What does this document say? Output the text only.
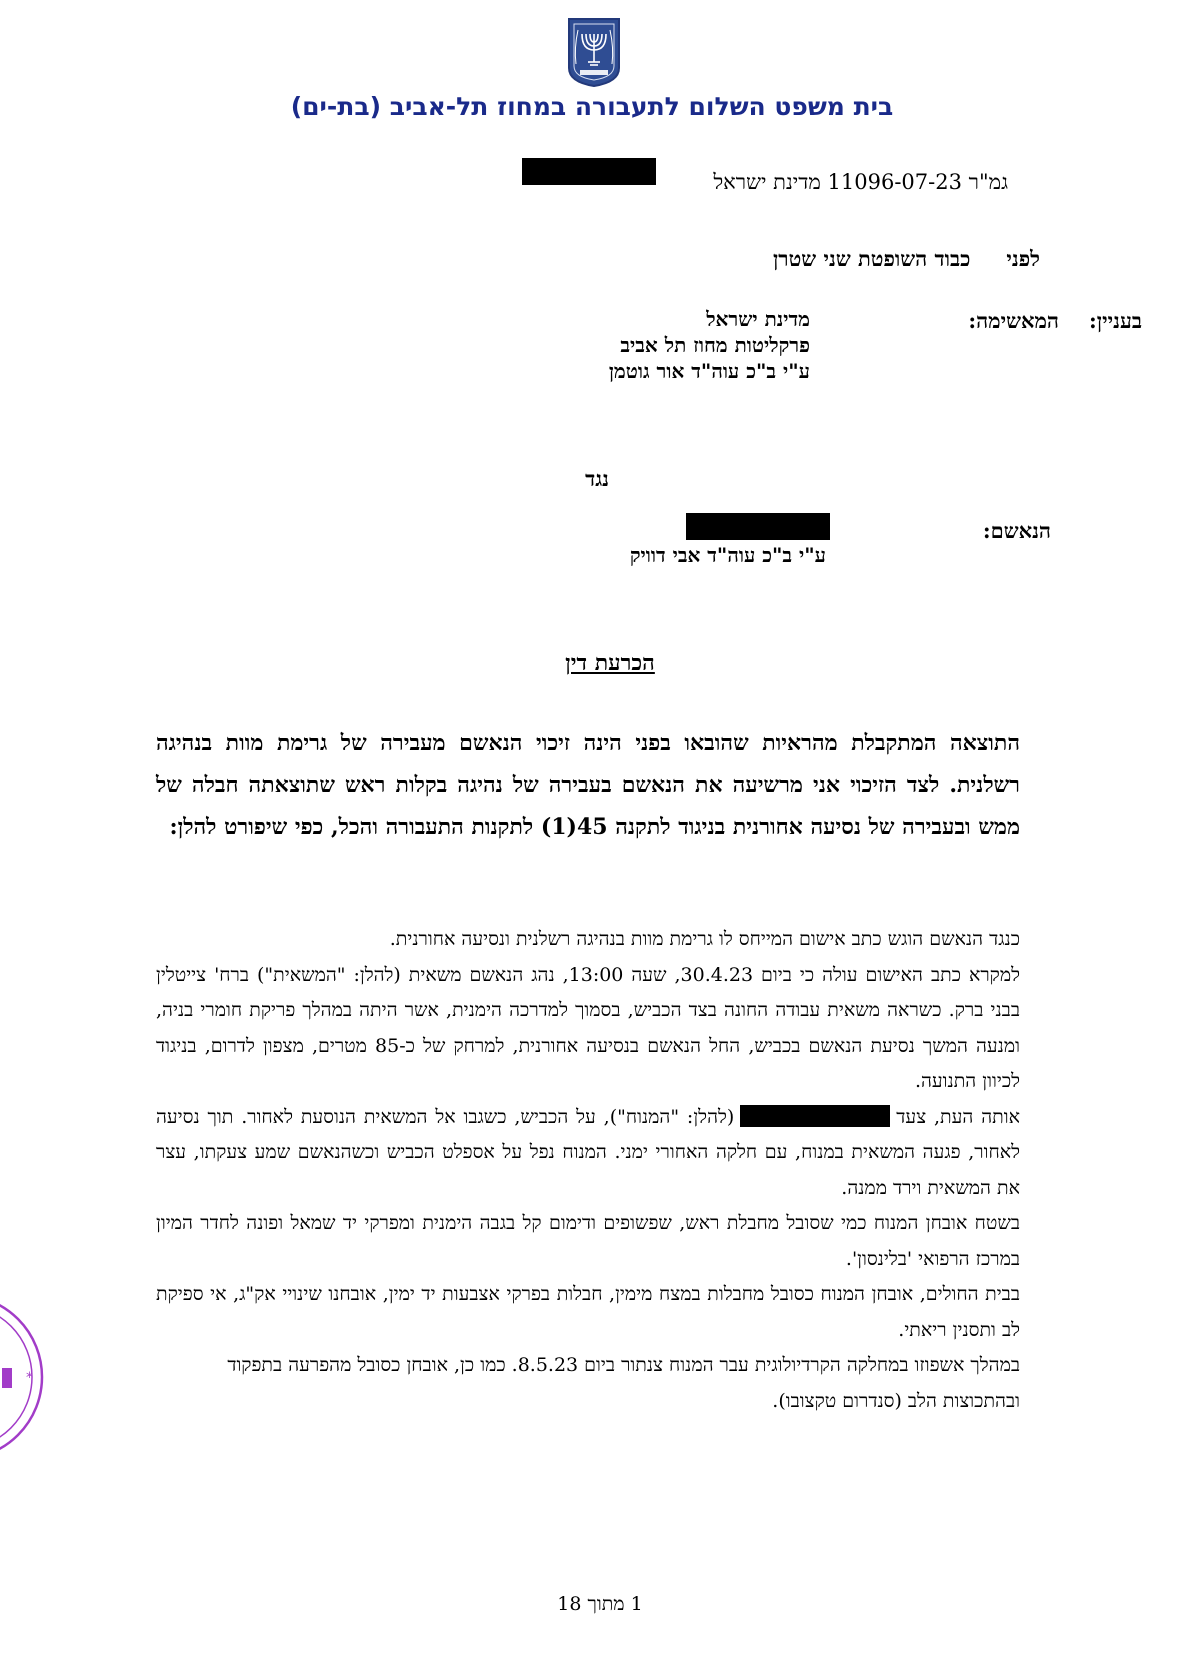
בית משפט השלום לתעבורה במחוז תל-אביב (בת-ים)
גמ"ר 11096-07-23 מדינת ישראל
לפניכבוד השופטת שני שטרן
בעניין:
המאשימה:
מדינת ישראל
פרקליטות מחוז תל אביב
ע"י ב"כ עוה"ד אור גוטמן
נגד
הנאשם:
ע"י ב"כ עוה"ד אבי דוויק
הכרעת דין
התוצאה המתקבלת מהראיות שהובאו בפני הינה זיכוי הנאשם מעבירה של גרימת מוות בנהיגה רשלנית. לצד הזיכוי אני מרשיעה את הנאשם בעבירה של נהיגה בקלות ראש שתוצאתה חבלה של ממש ובעבירה של נסיעה אחורנית בניגוד לתקנה 45(1) לתקנות התעבורה והכל, כפי שיפורט להלן:

כנגד הנאשם הוגש כתב אישום המייחס לו גרימת מוות בנהיגה רשלנית ונסיעה אחורנית.

למקרא כתב האישום עולה כי ביום 30.4.23, שעה 13:00, נהג הנאשם משאית (להלן: "המשאית") ברח' צייטלין בבני ברק. כשראה משאית עבודה החונה בצד הכביש, בסמוך למדרכה הימנית, אשר היתה במהלך פריקת חומרי בניה, ומנעה המשך נסיעת הנאשם בכביש, החל הנאשם בנסיעה אחורנית, למרחק של כ-85 מטרים, מצפון לדרום, בניגוד לכיוון התנועה.

אותה העת, צעד(להלן: "המנוח"), על הכביש, כשגבו אל המשאית הנוסעת לאחור. תוך נסיעה לאחור, פגעה המשאית במנוח, עם חלקה האחורי ימני. המנוח נפל על אספלט הכביש וכשהנאשם שמע צעקתו, עצר את המשאית וירד ממנה.

בשטח אובחן המנוח כמי שסובל מחבלת ראש, שפשופים ודימום קל בגבה הימנית ומפרקי יד שמאל ופונה לחדר המיון במרכז הרפואי 'בלינסון'.

בבית החולים, אובחן המנוח כסובל מחבלות במצח מימין, חבלות בפרקי אצבעות יד ימין, אובחנו שינויי אק"ג, אי ספיקת לב ותסנין ריאתי.

במהלך אשפוזו במחלקה הקרדיולוגית עבר המנוח צנתור ביום 8.5.23. כמו כן, אובחן כסובל מהפרעה בתפקוד ובהתכוצות הלב (סנדרום טקצובו).

1 מתוך 18
*
